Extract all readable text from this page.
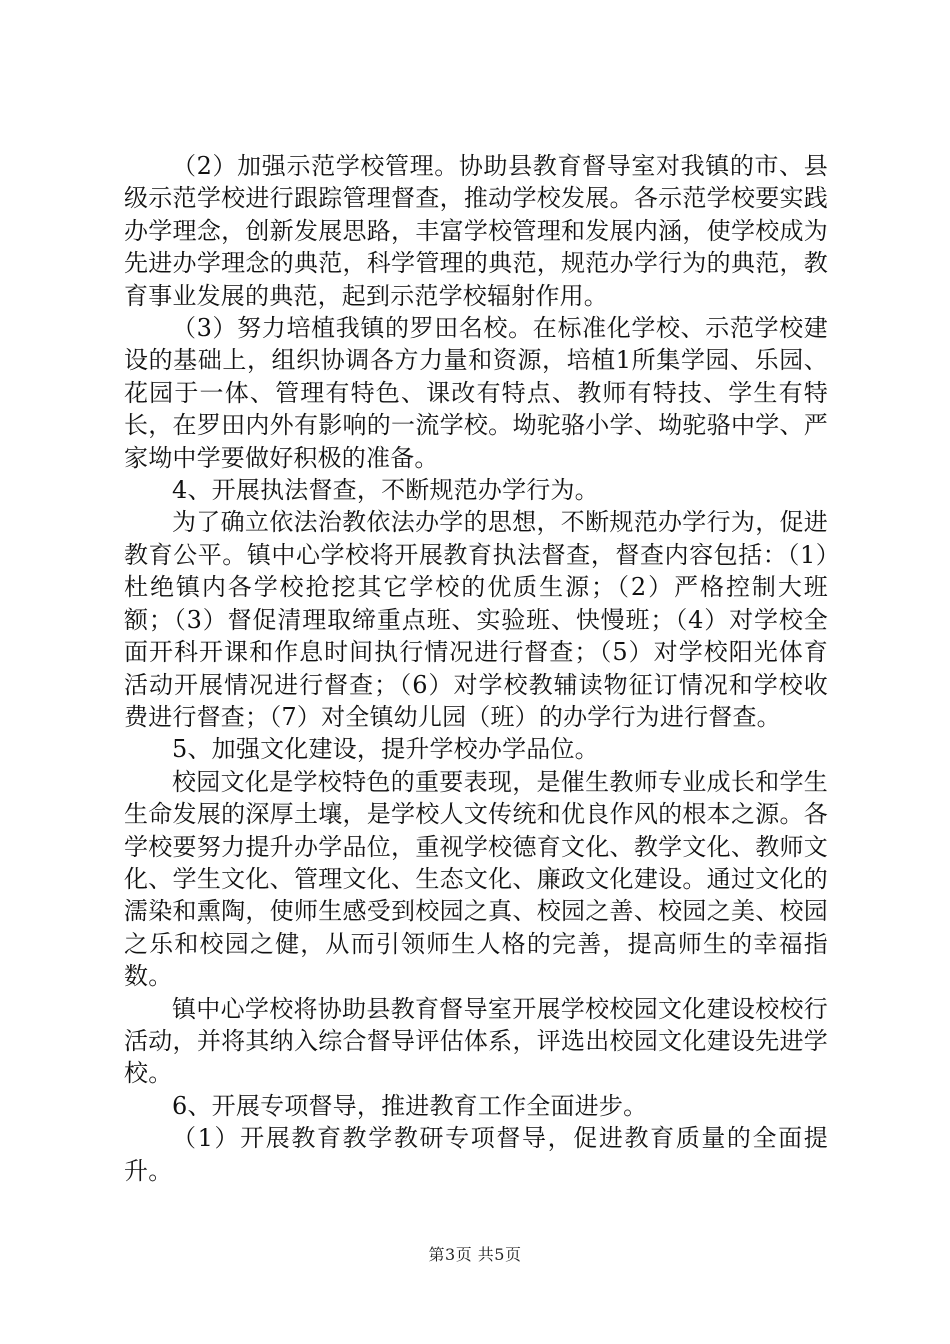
（2）加强示范学校管理。协助县教育督导室对我镇的市、县级示范学校进行跟踪管理督查，推动学校发展。各示范学校要实践办学理念，创新发展思路，丰富学校管理和发展内涵，使学校成为先进办学理念的典范，科学管理的典范，规范办学行为的典范，教育事业发展的典范，起到示范学校辐射作用。

（3）努力培植我镇的罗田名校。在标准化学校、示范学校建设的基础上，组织协调各方力量和资源，培植1所集学园、乐园、花园于一体、管理有特色、课改有特点、教师有特技、学生有特长，在罗田内外有影响的一流学校。坳驼骆小学、坳驼骆中学、严家坳中学要做好积极的准备。

4、开展执法督查，不断规范办学行为。

为了确立依法治教依法办学的思想，不断规范办学行为，促进教育公平。镇中心学校将开展教育执法督查，督查内容包括：（1）杜绝镇内各学校抢挖其它学校的优质生源；（2）严格控制大班额；（3）督促清理取缔重点班、实验班、快慢班；（4）对学校全面开科开课和作息时间执行情况进行督查；（5）对学校阳光体育活动开展情况进行督查；（6）对学校教辅读物征订情况和学校收费进行督查；（7）对全镇幼儿园（班）的办学行为进行督查。

5、加强文化建设，提升学校办学品位。

校园文化是学校特色的重要表现，是催生教师专业成长和学生生命发展的深厚土壤，是学校人文传统和优良作风的根本之源。各学校要努力提升办学品位，重视学校德育文化、教学文化、教师文化、学生文化、管理文化、生态文化、廉政文化建设。通过文化的濡染和熏陶，使师生感受到校园之真、校园之善、校园之美、校园之乐和校园之健，从而引领师生人格的完善，提高师生的幸福指数。

镇中心学校将协助县教育督导室开展学校校园文化建设校校行活动，并将其纳入综合督导评估体系，评选出校园文化建设先进学校。

6、开展专项督导，推进教育工作全面进步。

（1）开展教育教学教研专项督导，促进教育质量的全面提升。

第3页 共5页
